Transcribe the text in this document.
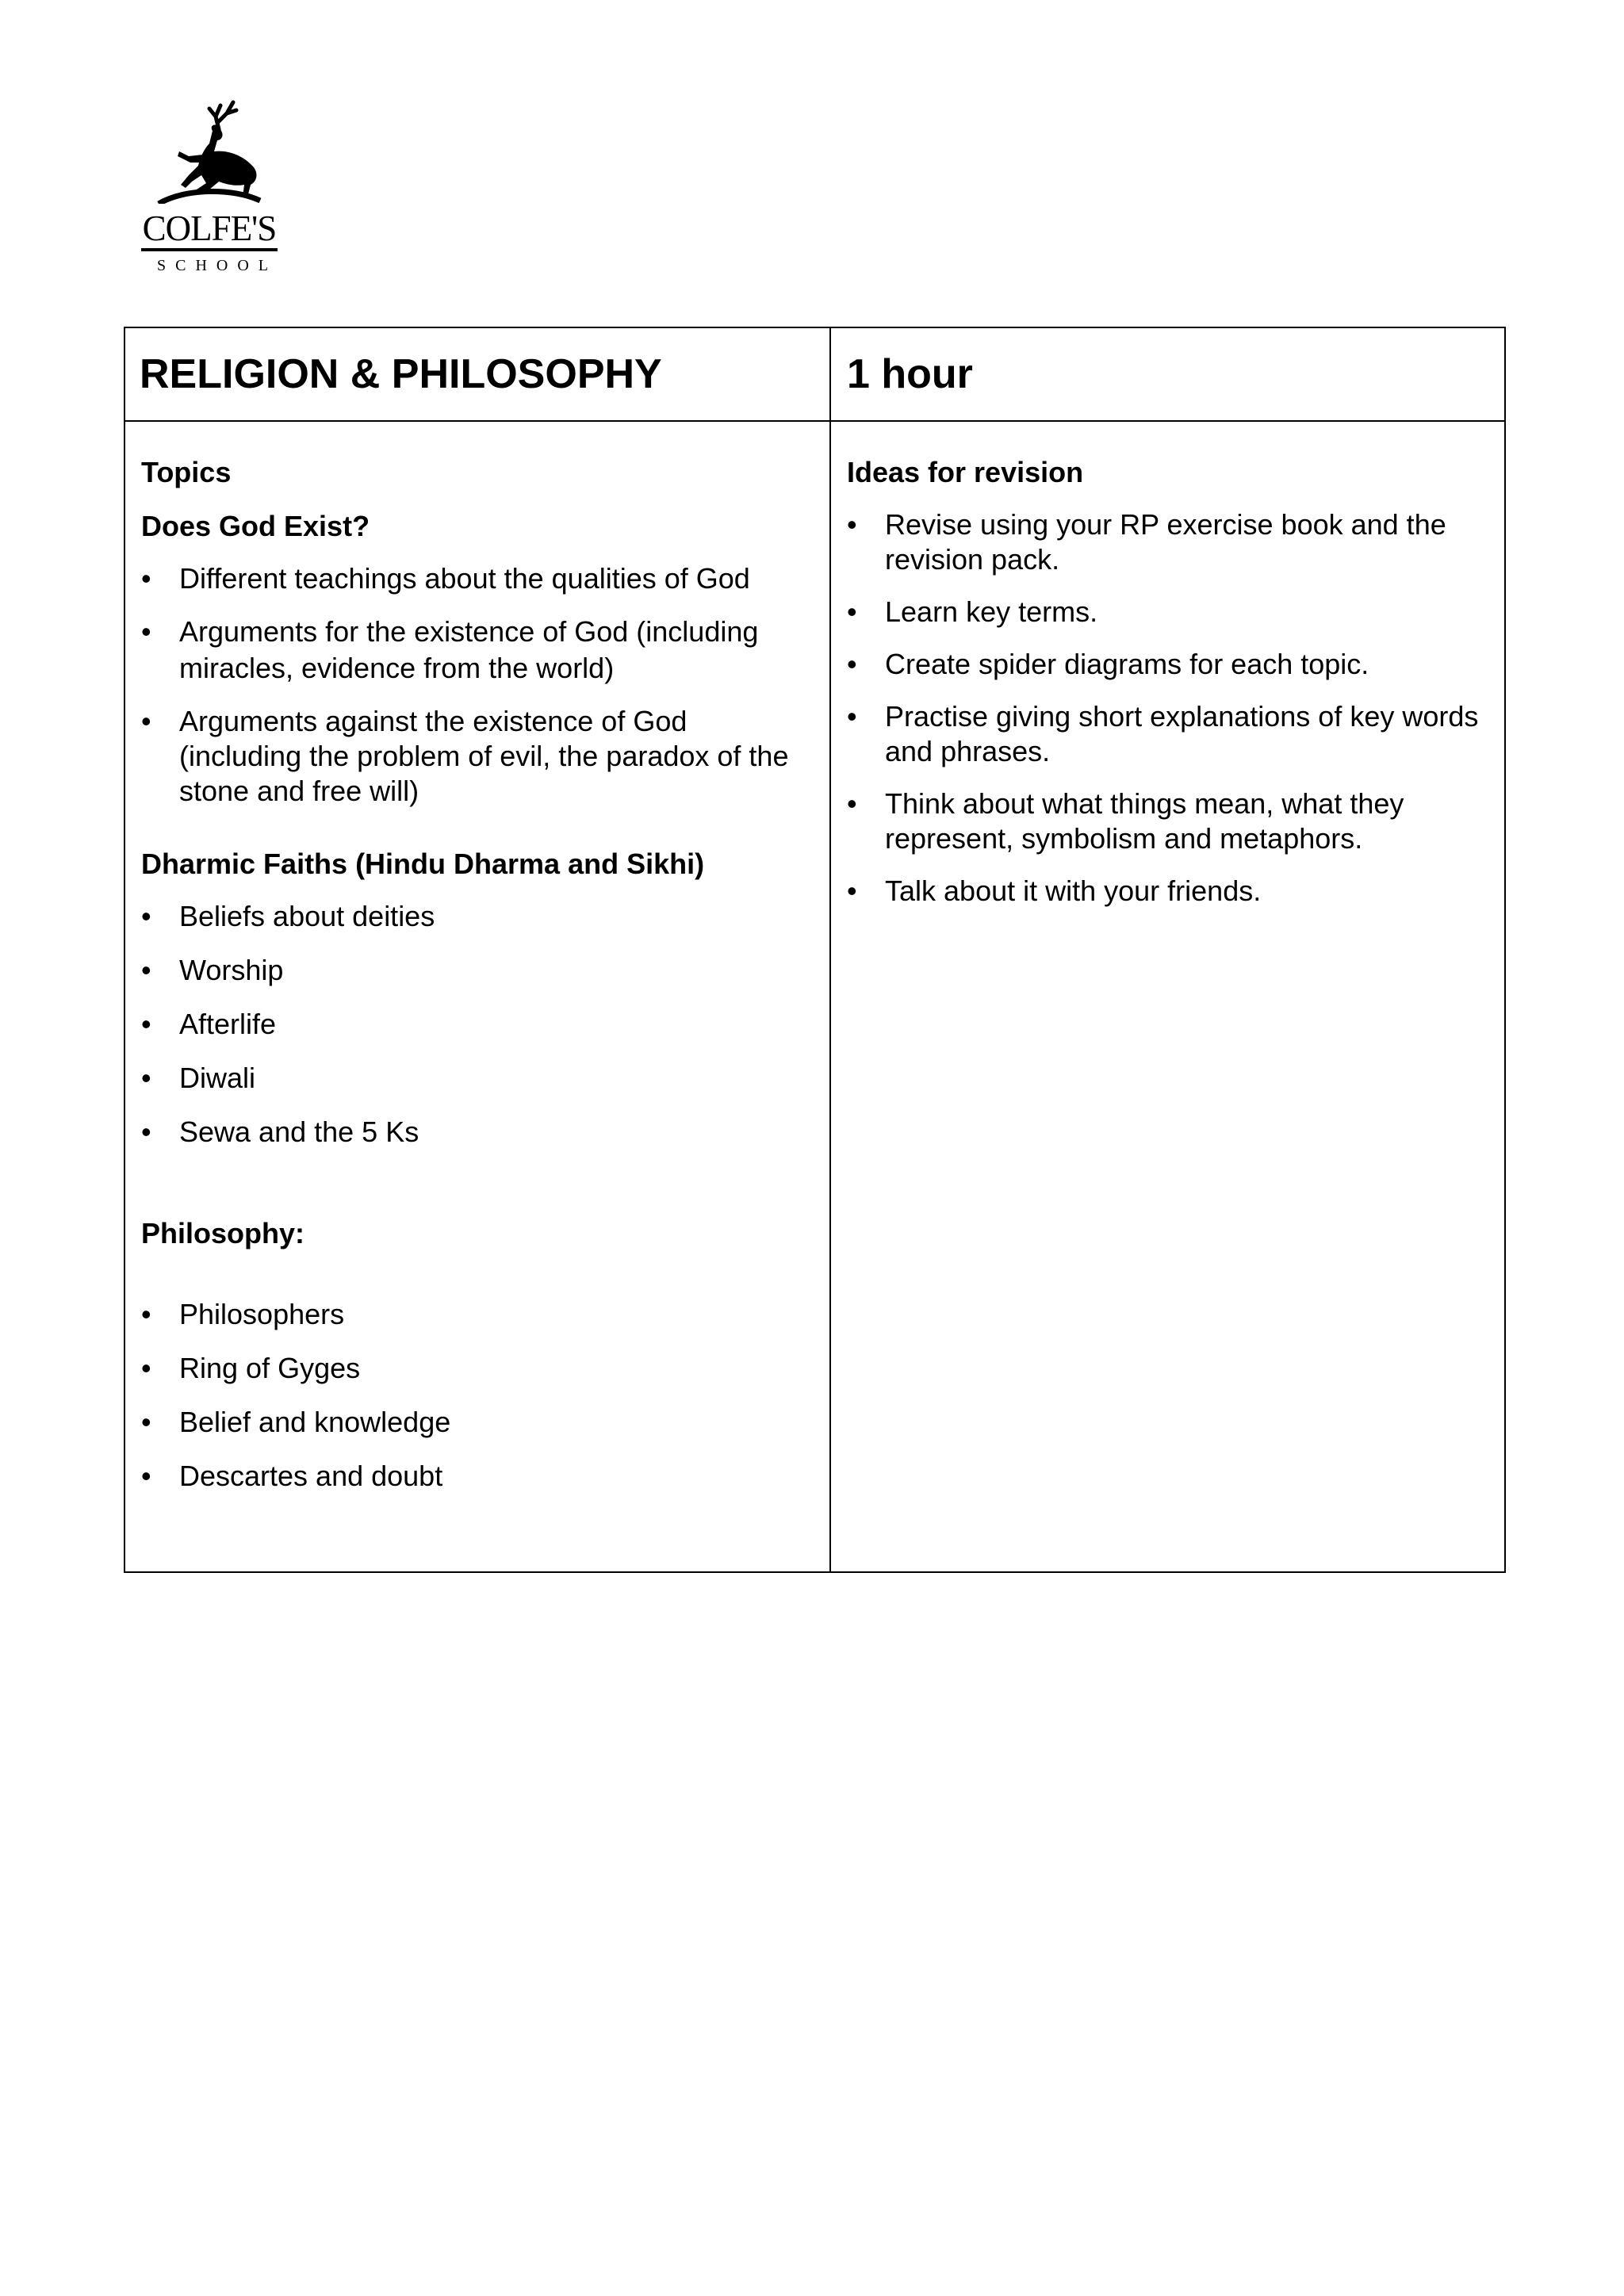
COLFE'S
SCHOOL
RELIGION & PHILOSOPHY	1 hour
Topics
Does God Exist?
• Different teachings about the qualities of God
• Arguments for the existence of God (including miracles, evidence from the world)
• Arguments against the existence of God (including the problem of evil, the paradox of the stone and free will)
Dharmic Faiths (Hindu Dharma and Sikhi)
• Beliefs about deities
• Worship
• Afterlife
• Diwali
• Sewa and the 5 Ks
Philosophy:
• Philosophers
• Ring of Gyges
• Belief and knowledge
• Descartes and doubt
Ideas for revision
• Revise using your RP exercise book and the revision pack.
• Learn key terms.
• Create spider diagrams for each topic.
• Practise giving short explanations of key words and phrases.
• Think about what things mean, what they represent, symbolism and metaphors.
• Talk about it with your friends.
